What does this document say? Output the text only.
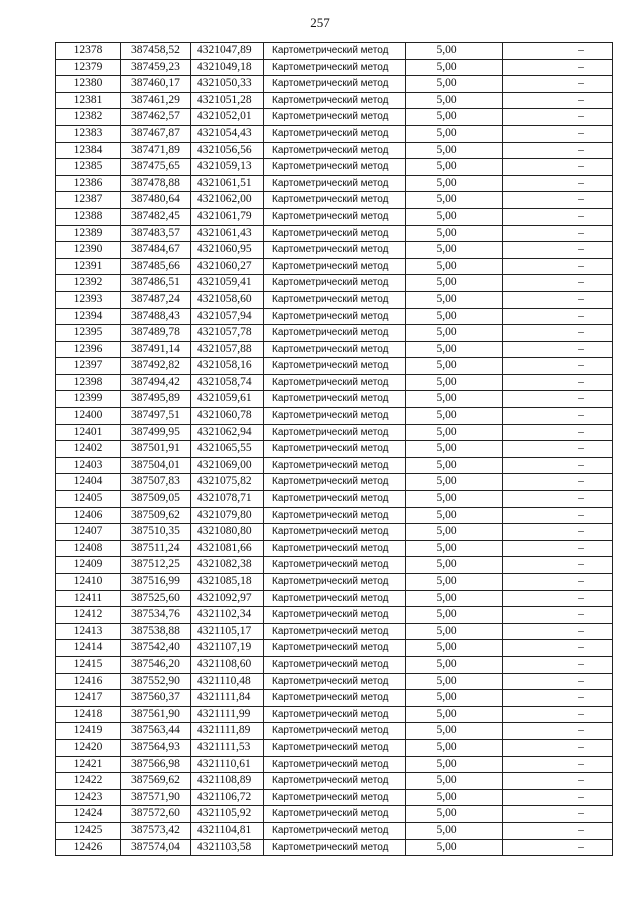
257
12378	387458,52	4321047,89	Картометрический метод	5,00	–
12379	387459,23	4321049,18	Картометрический метод	5,00	–
12380	387460,17	4321050,33	Картометрический метод	5,00	–
12381	387461,29	4321051,28	Картометрический метод	5,00	–
12382	387462,57	4321052,01	Картометрический метод	5,00	–
12383	387467,87	4321054,43	Картометрический метод	5,00	–
12384	387471,89	4321056,56	Картометрический метод	5,00	–
12385	387475,65	4321059,13	Картометрический метод	5,00	–
12386	387478,88	4321061,51	Картометрический метод	5,00	–
12387	387480,64	4321062,00	Картометрический метод	5,00	–
12388	387482,45	4321061,79	Картометрический метод	5,00	–
12389	387483,57	4321061,43	Картометрический метод	5,00	–
12390	387484,67	4321060,95	Картометрический метод	5,00	–
12391	387485,66	4321060,27	Картометрический метод	5,00	–
12392	387486,51	4321059,41	Картометрический метод	5,00	–
12393	387487,24	4321058,60	Картометрический метод	5,00	–
12394	387488,43	4321057,94	Картометрический метод	5,00	–
12395	387489,78	4321057,78	Картометрический метод	5,00	–
12396	387491,14	4321057,88	Картометрический метод	5,00	–
12397	387492,82	4321058,16	Картометрический метод	5,00	–
12398	387494,42	4321058,74	Картометрический метод	5,00	–
12399	387495,89	4321059,61	Картометрический метод	5,00	–
12400	387497,51	4321060,78	Картометрический метод	5,00	–
12401	387499,95	4321062,94	Картометрический метод	5,00	–
12402	387501,91	4321065,55	Картометрический метод	5,00	–
12403	387504,01	4321069,00	Картометрический метод	5,00	–
12404	387507,83	4321075,82	Картометрический метод	5,00	–
12405	387509,05	4321078,71	Картометрический метод	5,00	–
12406	387509,62	4321079,80	Картометрический метод	5,00	–
12407	387510,35	4321080,80	Картометрический метод	5,00	–
12408	387511,24	4321081,66	Картометрический метод	5,00	–
12409	387512,25	4321082,38	Картометрический метод	5,00	–
12410	387516,99	4321085,18	Картометрический метод	5,00	–
12411	387525,60	4321092,97	Картометрический метод	5,00	–
12412	387534,76	4321102,34	Картометрический метод	5,00	–
12413	387538,88	4321105,17	Картометрический метод	5,00	–
12414	387542,40	4321107,19	Картометрический метод	5,00	–
12415	387546,20	4321108,60	Картометрический метод	5,00	–
12416	387552,90	4321110,48	Картометрический метод	5,00	–
12417	387560,37	4321111,84	Картометрический метод	5,00	–
12418	387561,90	4321111,99	Картометрический метод	5,00	–
12419	387563,44	4321111,89	Картометрический метод	5,00	–
12420	387564,93	4321111,53	Картометрический метод	5,00	–
12421	387566,98	4321110,61	Картометрический метод	5,00	–
12422	387569,62	4321108,89	Картометрический метод	5,00	–
12423	387571,90	4321106,72	Картометрический метод	5,00	–
12424	387572,60	4321105,92	Картометрический метод	5,00	–
12425	387573,42	4321104,81	Картометрический метод	5,00	–
12426	387574,04	4321103,58	Картометрический метод	5,00	–
